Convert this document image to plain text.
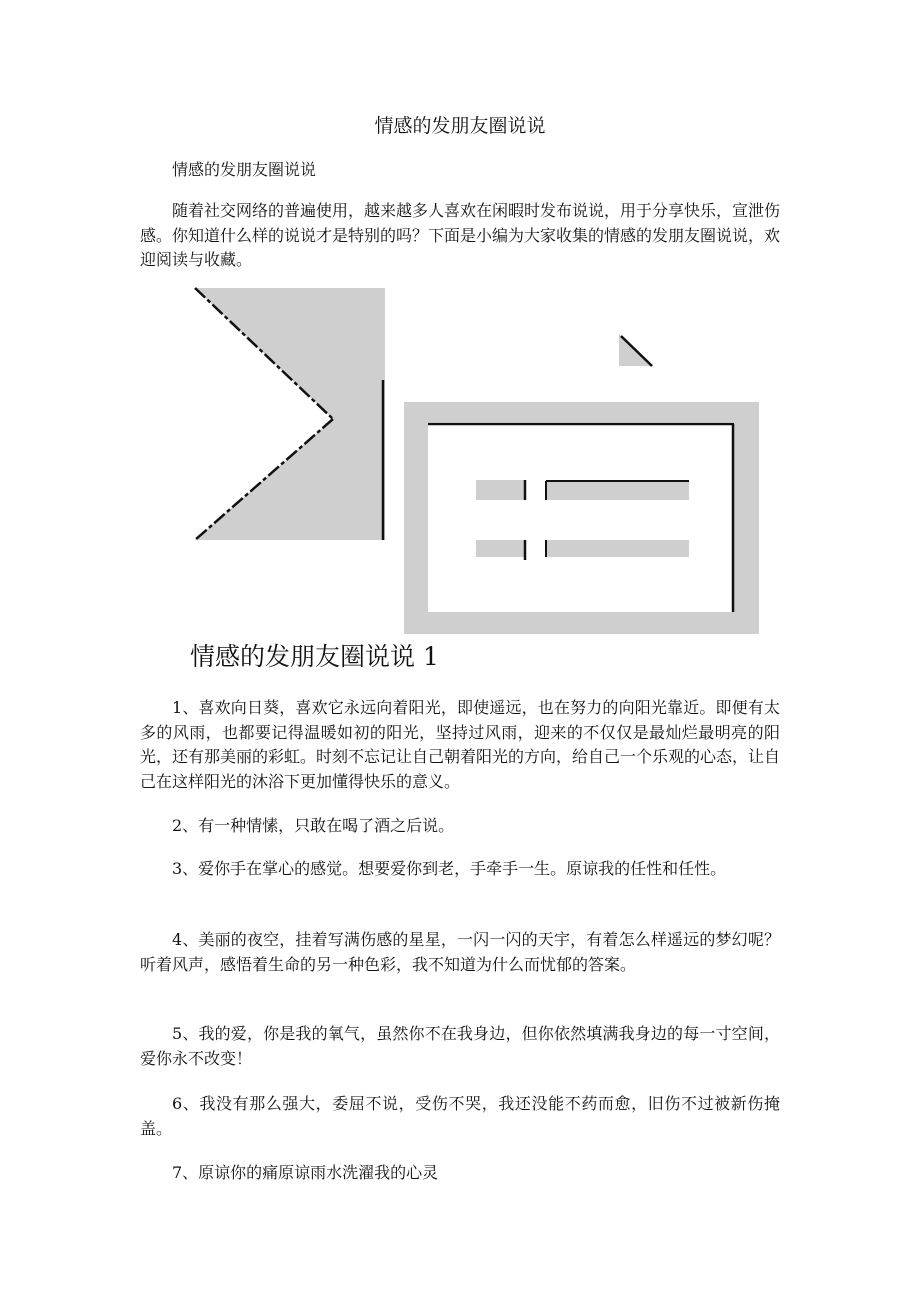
情感的发朋友圈说说

情感的发朋友圈说说

随着社交网络的普遍使用，越来越多人喜欢在闲暇时发布说说，用于分享快乐，宣泄伤感。你知道什么样的说说才是特别的吗？下面是小编为大家收集的情感的发朋友圈说说，欢迎阅读与收藏。

情感的发朋友圈说说 1

1、喜欢向日葵，喜欢它永远向着阳光，即使遥远，也在努力的向阳光靠近。即便有太多的风雨，也都要记得温暖如初的阳光，坚持过风雨，迎来的不仅仅是最灿烂最明亮的阳光，还有那美丽的彩虹。时刻不忘记让自己朝着阳光的方向，给自己一个乐观的心态，让自己在这样阳光的沐浴下更加懂得快乐的意义。

2、有一种情愫，只敢在喝了酒之后说。

3、爱你手在掌心的感觉。想要爱你到老，手牵手一生。原谅我的任性和任性。

4、美丽的夜空，挂着写满伤感的星星，一闪一闪的天宇，有着怎么样遥远的梦幻呢？听着风声，感悟着生命的另一种色彩，我不知道为什么而忧郁的答案。

5、我的爱，你是我的氧气，虽然你不在我身边，但你依然填满我身边的每一寸空间，爱你永不改变！

6、我没有那么强大，委屈不说，受伤不哭，我还没能不药而愈，旧伤不过被新伤掩盖。

7、原谅你的痛原谅雨水洗濯我的心灵
